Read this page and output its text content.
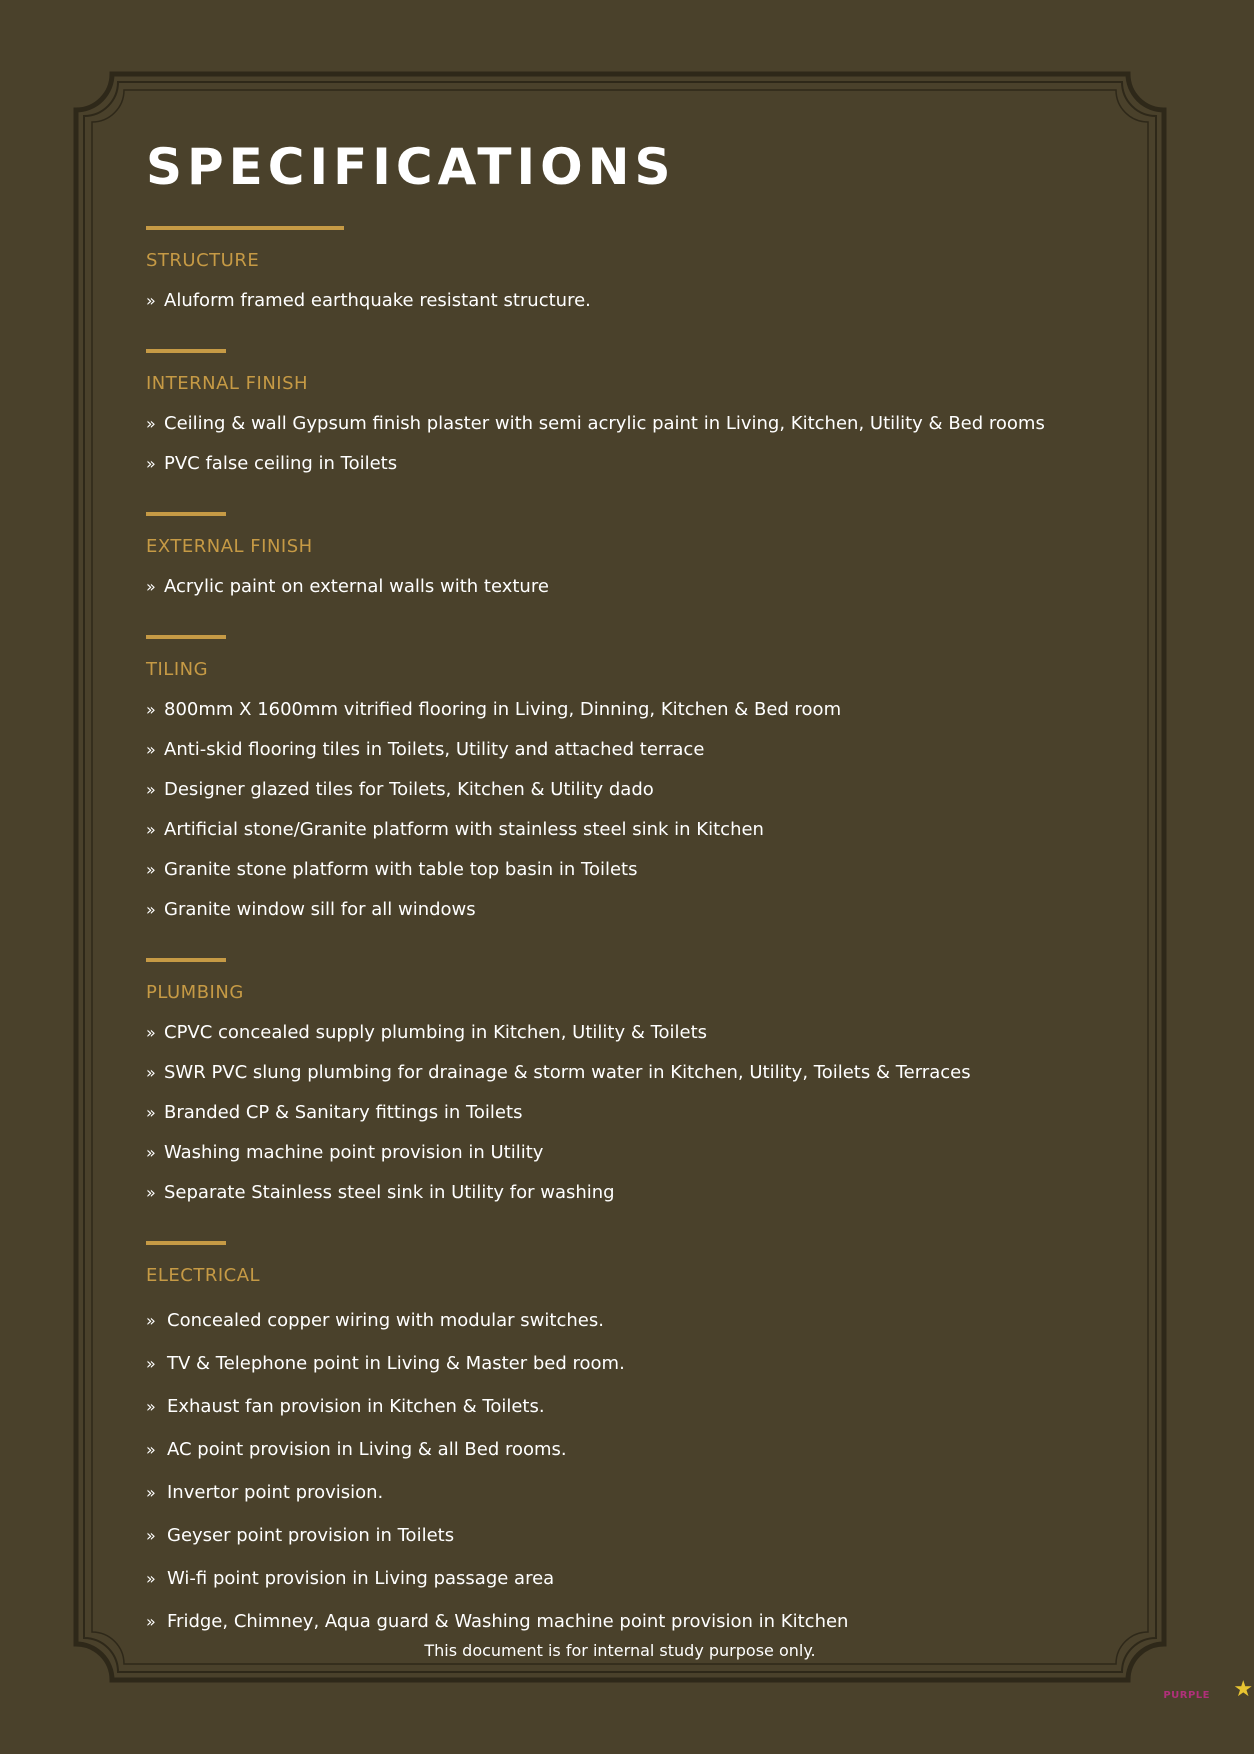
SPECIFICATIONS
STRUCTURE
» Aluform framed earthquake resistant structure.
INTERNAL FINISH
» Ceiling & wall Gypsum finish plaster with semi acrylic paint in Living, Kitchen, Utility & Bed rooms
» PVC false ceiling in Toilets
EXTERNAL FINISH
» Acrylic paint on external walls with texture
TILING
» 800mm X 1600mm vitrified flooring in Living, Dinning, Kitchen & Bed room
» Anti-skid flooring tiles in Toilets, Utility and attached terrace
» Designer glazed tiles for Toilets, Kitchen & Utility dado
» Artificial stone/Granite platform with stainless steel sink in Kitchen
» Granite stone platform with table top basin in Toilets
» Granite window sill for all windows
PLUMBING
» CPVC concealed supply plumbing in Kitchen, Utility & Toilets
» SWR PVC slung plumbing for drainage & storm water in Kitchen, Utility, Toilets & Terraces
» Branded CP & Sanitary fittings in Toilets
» Washing machine point provision in Utility
» Separate Stainless steel sink in Utility for washing
ELECTRICAL
» Concealed copper wiring with modular switches.
» TV & Telephone point in Living & Master bed room.
» Exhaust fan provision in Kitchen & Toilets.
» AC point provision in Living & all Bed rooms.
» Invertor point provision.
» Geyser point provision in Toilets
» Wi-fi point provision in Living passage area
» Fridge, Chimney, Aqua guard & Washing machine point provision in Kitchen
This document is for internal study purpose only.
PURPLE ★
